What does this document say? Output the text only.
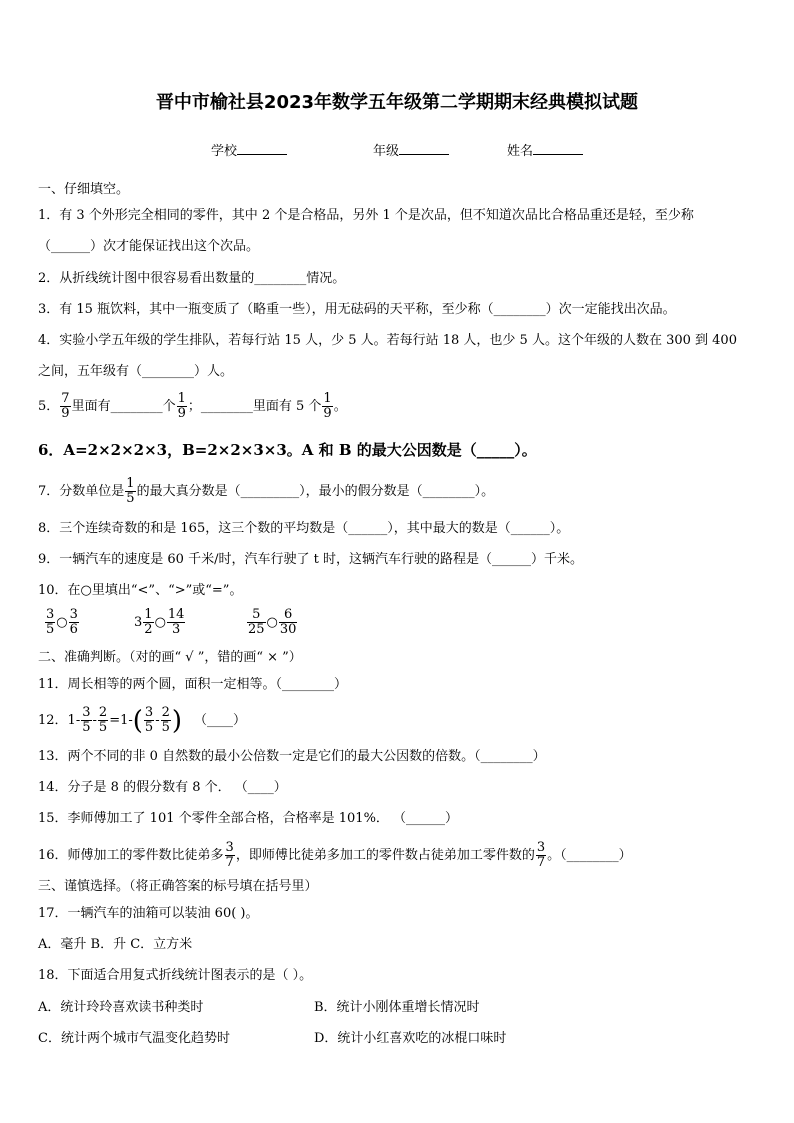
晋中市榆社县2023年数学五年级第二学期期末经典模拟试题
学校	年级	姓名
一、仔细填空。
1．有 3 个外形完全相同的零件，其中 2 个是合格品，另外 1 个是次品，但不知道次品比合格品重还是轻，至少称
（______）次才能保证找出这个次品。
2．从折线统计图中很容易看出数量的________情况。
3．有 15 瓶饮料，其中一瓶变质了（略重一些），用无砝码的天平称，至少称（________）次一定能找出次品。
4．实验小学五年级的学生排队，若每行站 15 人，少 5 人。若每行站 18 人，也少 5 人。这个年级的人数在 300 到 400
之间，五年级有（________）人。
5． $\frac{7}{9}$ 里面有________个 $\frac{1}{9}$ ；________里面有 5 个 $\frac{1}{9}$ 。
6．A=2×2×2×3，B=2×2×3×3。A 和 B 的最大公因数是（_____）。
7．分数单位是 $\frac{1}{5}$ 的最大真分数是（_________），最小的假分数是（________）。
8．三个连续奇数的和是 165，这三个数的平均数是（______），其中最大的数是（______）。
9．一辆汽车的速度是 60 千米/时，汽车行驶了 t 时，这辆汽车行驶的路程是（______）千米。
10．在○里填出“<”、“>”或“=”。
$\frac{3}{5}$ ○ $\frac{3}{6}$	$3 \frac{1}{2}$ ○ $\frac{14}{3}$	$\frac{5}{25}$ ○ $\frac{6}{30}$
二、准确判断。（对的画“ √ ”，错的画“ × ”）
11．周长相等的两个圆，面积一定相等。（________）
12．$1- \frac{3}{5} - \frac{2}{5} =1-( \frac{3}{5} - \frac{2}{5}$ ) （____）
13．两个不同的非 0 自然数的最小公倍数一定是它们的最大公因数的倍数。（________）
14．分子是 8 的假分数有 8 个． （____）
15．李师傅加工了 101 个零件全部合格，合格率是 101%． （______）
16．师傅加工的零件数比徒弟多 $\frac{3}{7}$ ，即师傅比徒弟多加工的零件数占徒弟加工零件数的 $\frac{3}{7}$ 。（________）
三、谨慎选择。（将正确答案的标号填在括号里）
17．一辆汽车的油箱可以装油 60( )。
A．毫升 B．升 C．立方米
18．下面适合用复式折线统计图表示的是（ ）。
A．统计玲玲喜欢读书种类时	B．统计小刚体重增长情况时
C．统计两个城市气温变化趋势时	D．统计小红喜欢吃的冰棍口味时
